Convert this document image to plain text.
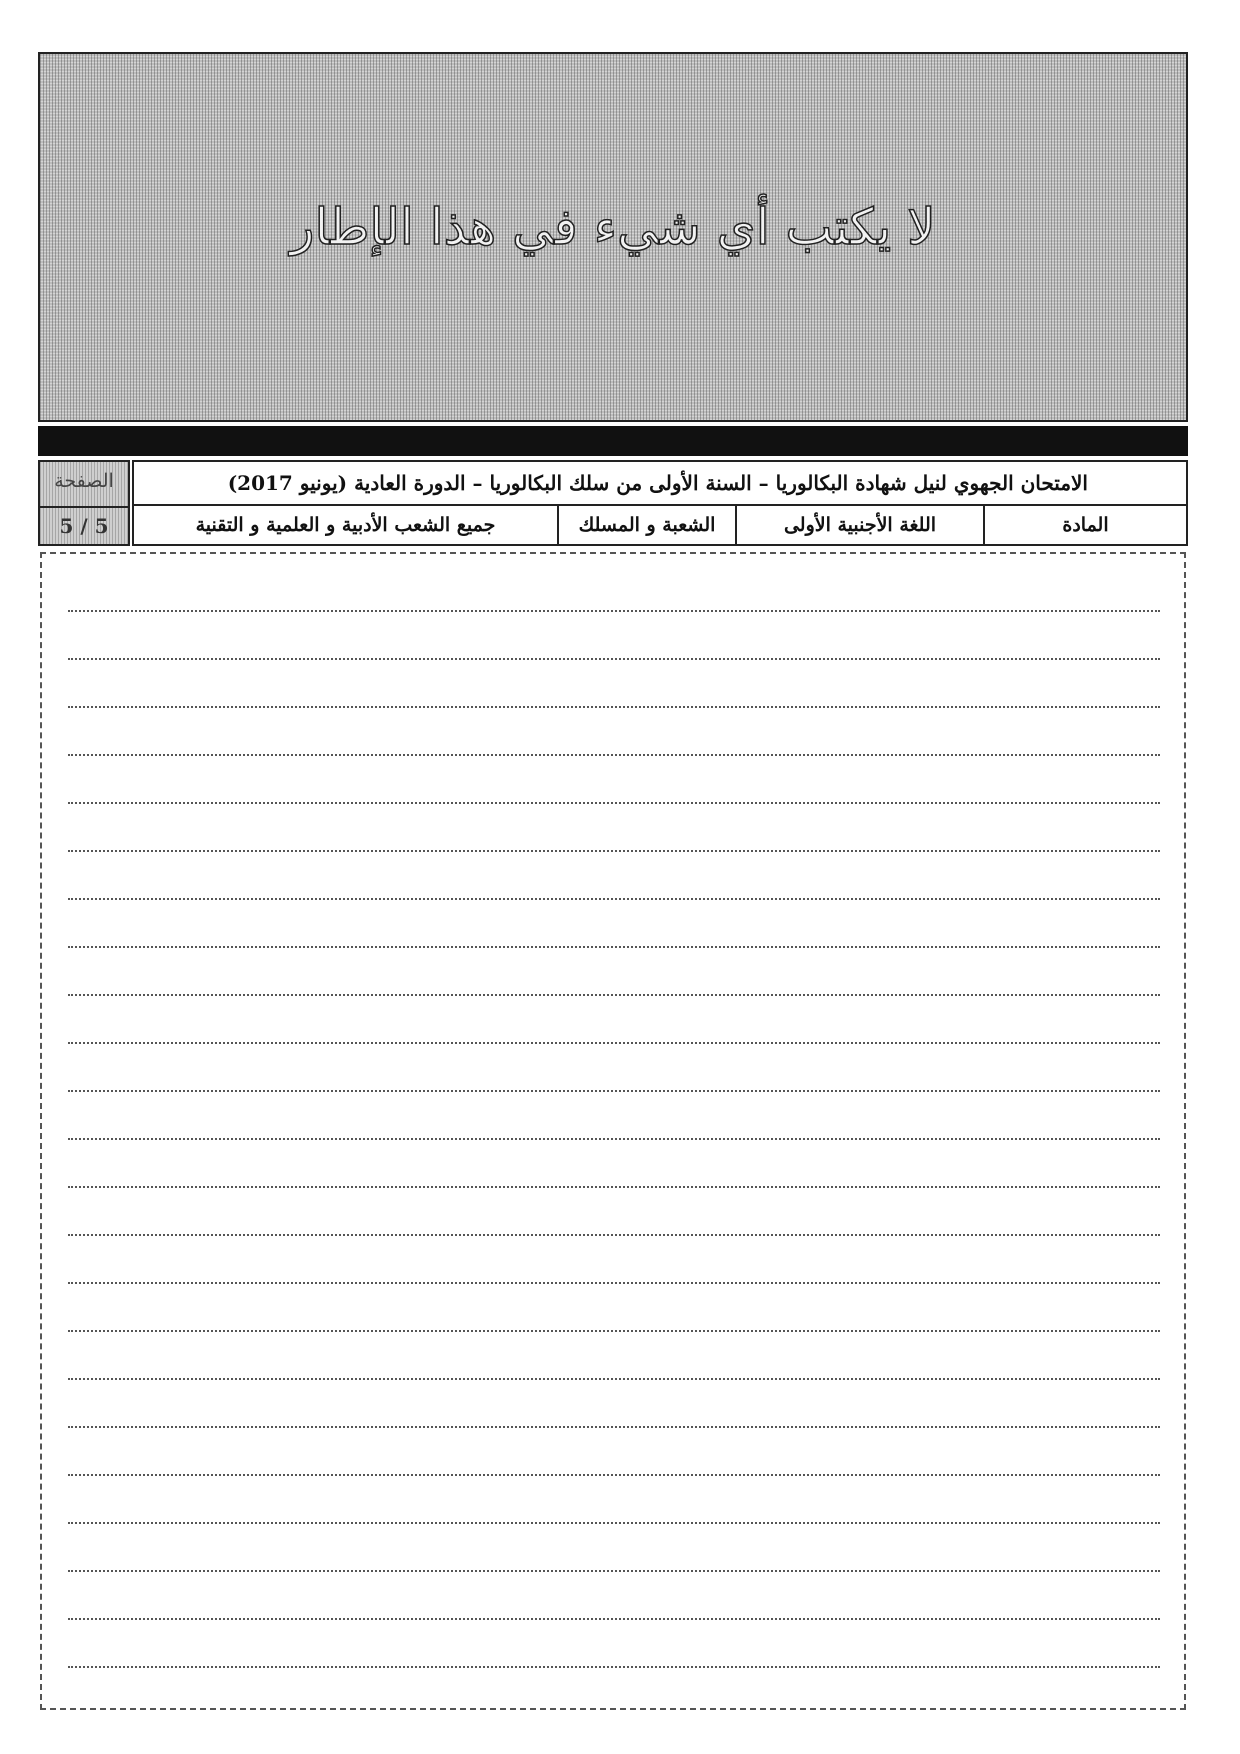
لا يكتب أي شيء في هذا الإطار
الصفحة
5 / 5
الامتحان الجهوي لنيل شهادة البكالوريا – السنة الأولى من سلك البكالوريا – الدورة العادية (يونيو 2017)
المادة
اللغة الأجنبية الأولى
الشعبة و المسلك
جميع الشعب الأدبية و العلمية و التقنية
